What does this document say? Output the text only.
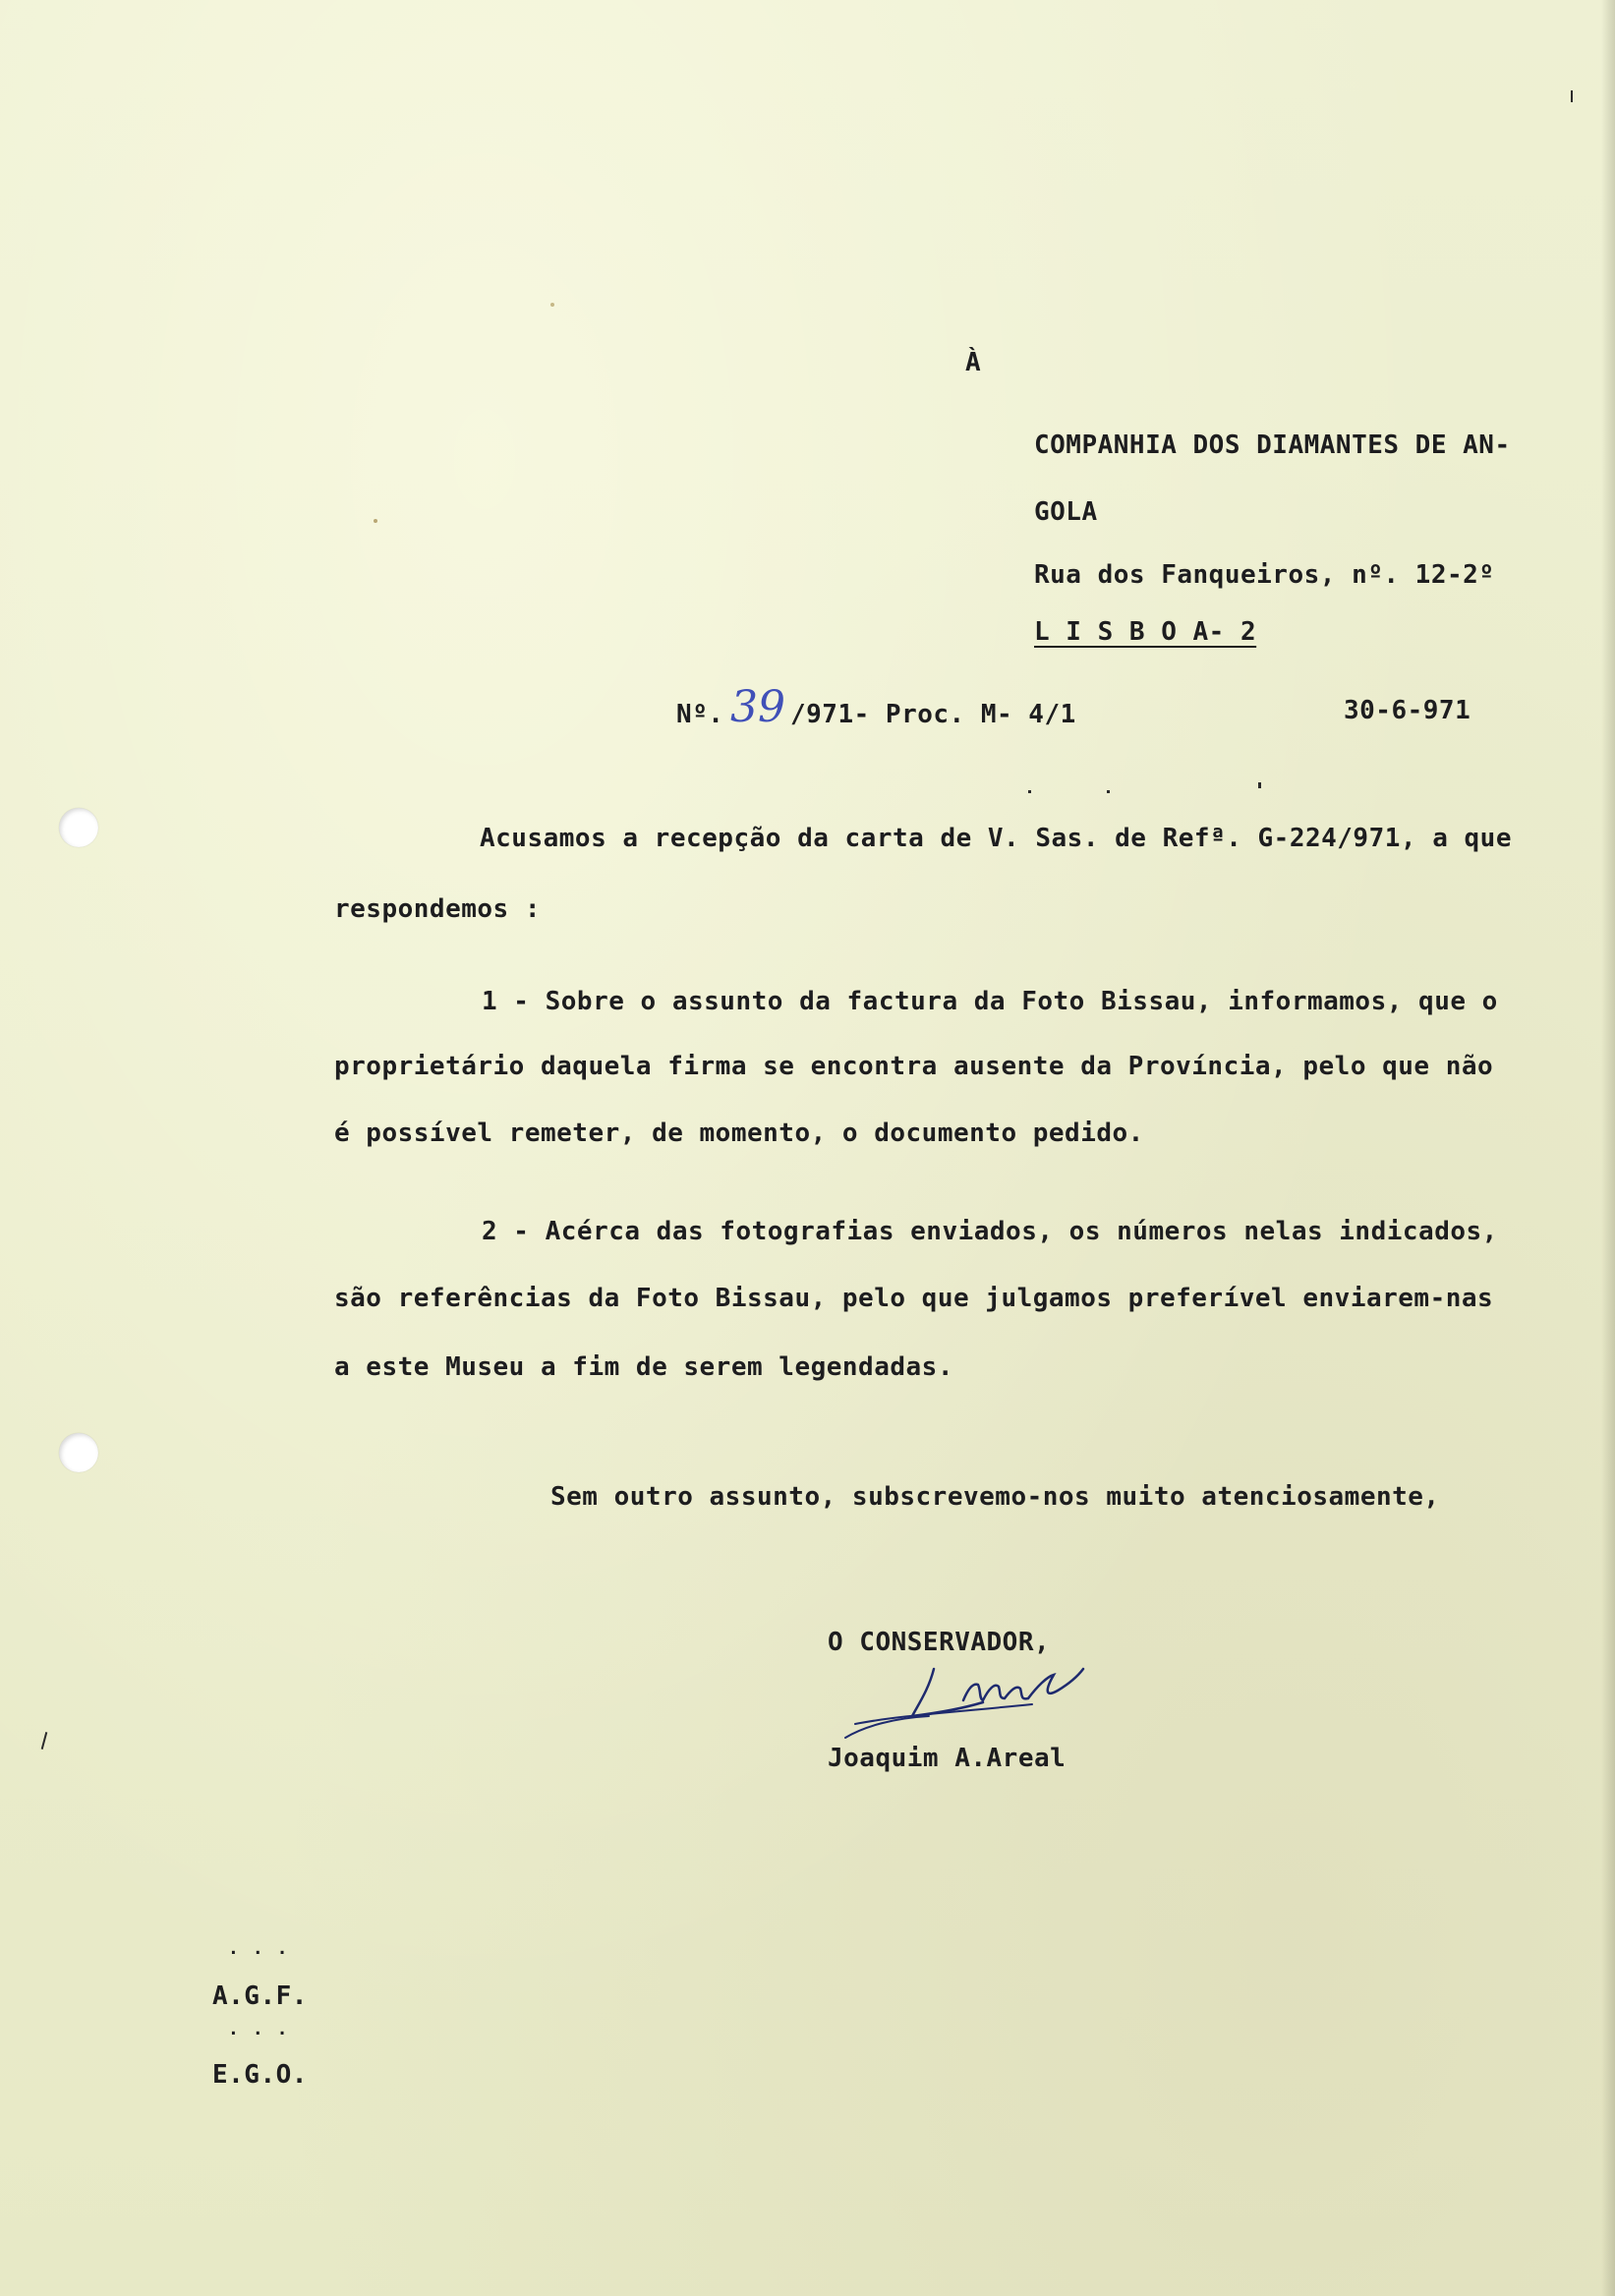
À
COMPANHIA DOS DIAMANTES DE AN-
GOLA
Rua dos Fanqueiros, nº. 12-2º
L I S B O A- 2
Nº. 39 /971- Proc. M- 4/1	30-6-971
Acusamos a recepção da carta de V. Sas. de Refª. G-224/971, a que
respondemos :
1 - Sobre o assunto da factura da Foto Bissau, informamos, que o
proprietário daquela firma se encontra ausente da Província, pelo que não
é possível remeter, de momento, o documento pedido.
2 - Acérca das fotografias enviados, os números nelas indicados,
são referências da Foto Bissau, pelo que julgamos preferível enviarem-nas
a este Museu a fim de serem legendadas.
Sem outro assunto, subscrevemo-nos muito atenciosamente,
O CONSERVADOR,
Joaquim A.Areal
...
A.G.F.
...
E.G.O.
